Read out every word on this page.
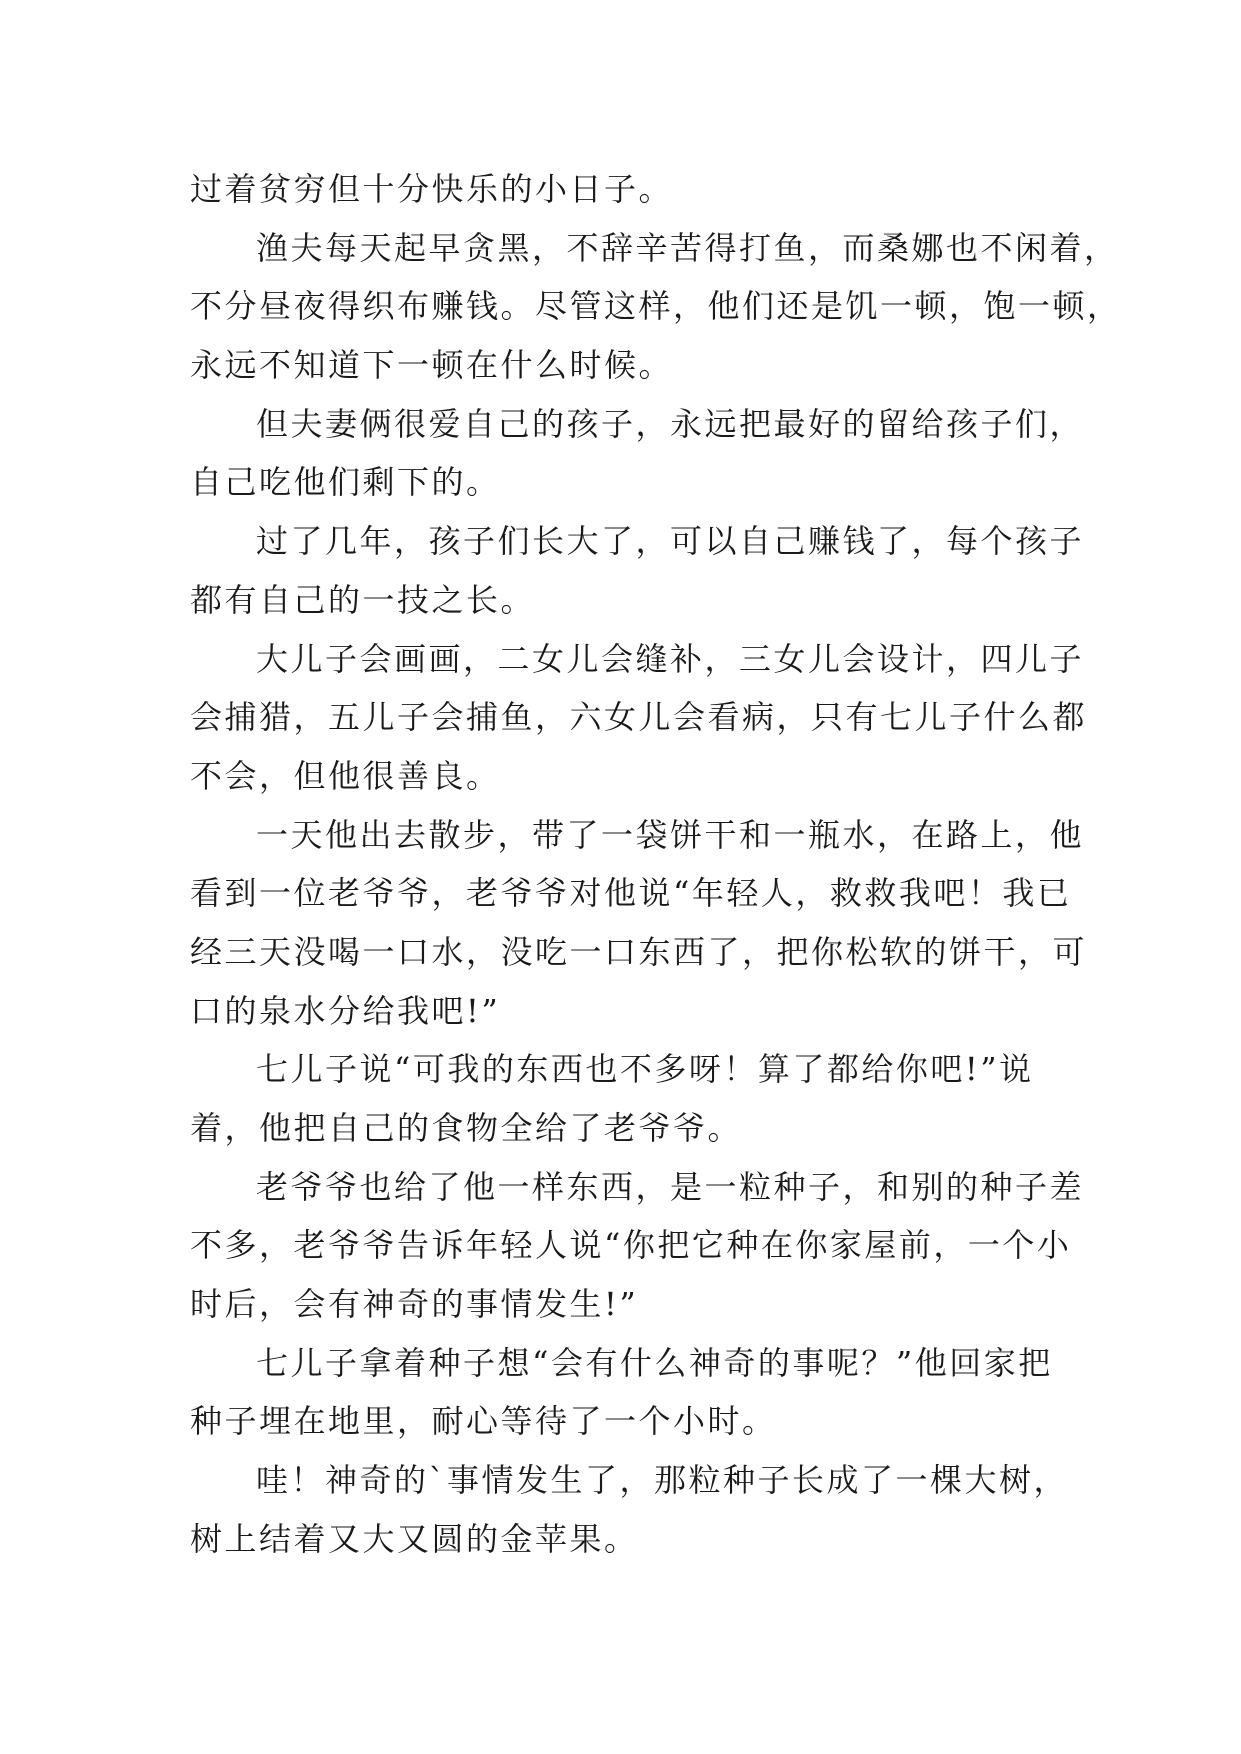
过着贫穷但十分快乐的小日子。
渔夫每天起早贪黑，不辞辛苦得打鱼，而桑娜也不闲着，
不分昼夜得织布赚钱。尽管这样，他们还是饥一顿，饱一顿，
永远不知道下一顿在什么时候。
但夫妻俩很爱自己的孩子，永远把最好的留给孩子们，
自己吃他们剩下的。
过了几年，孩子们长大了，可以自己赚钱了，每个孩子
都有自己的一技之长。
大儿子会画画，二女儿会缝补，三女儿会设计，四儿子
会捕猎，五儿子会捕鱼，六女儿会看病，只有七儿子什么都
不会，但他很善良。
一天他出去散步，带了一袋饼干和一瓶水，在路上，他
看到一位老爷爷，老爷爷对他说“年轻人，救救我吧！我已
经三天没喝一口水，没吃一口东西了，把你松软的饼干，可
口的泉水分给我吧!”
七儿子说“可我的东西也不多呀！算了都给你吧!”说
着，他把自己的食物全给了老爷爷。
老爷爷也给了他一样东西，是一粒种子，和别的种子差
不多，老爷爷告诉年轻人说“你把它种在你家屋前，一个小
时后，会有神奇的事情发生!”
七儿子拿着种子想“会有什么神奇的事呢？”他回家把
种子埋在地里，耐心等待了一个小时。
哇！神奇的`事情发生了，那粒种子长成了一棵大树，
树上结着又大又圆的金苹果。
